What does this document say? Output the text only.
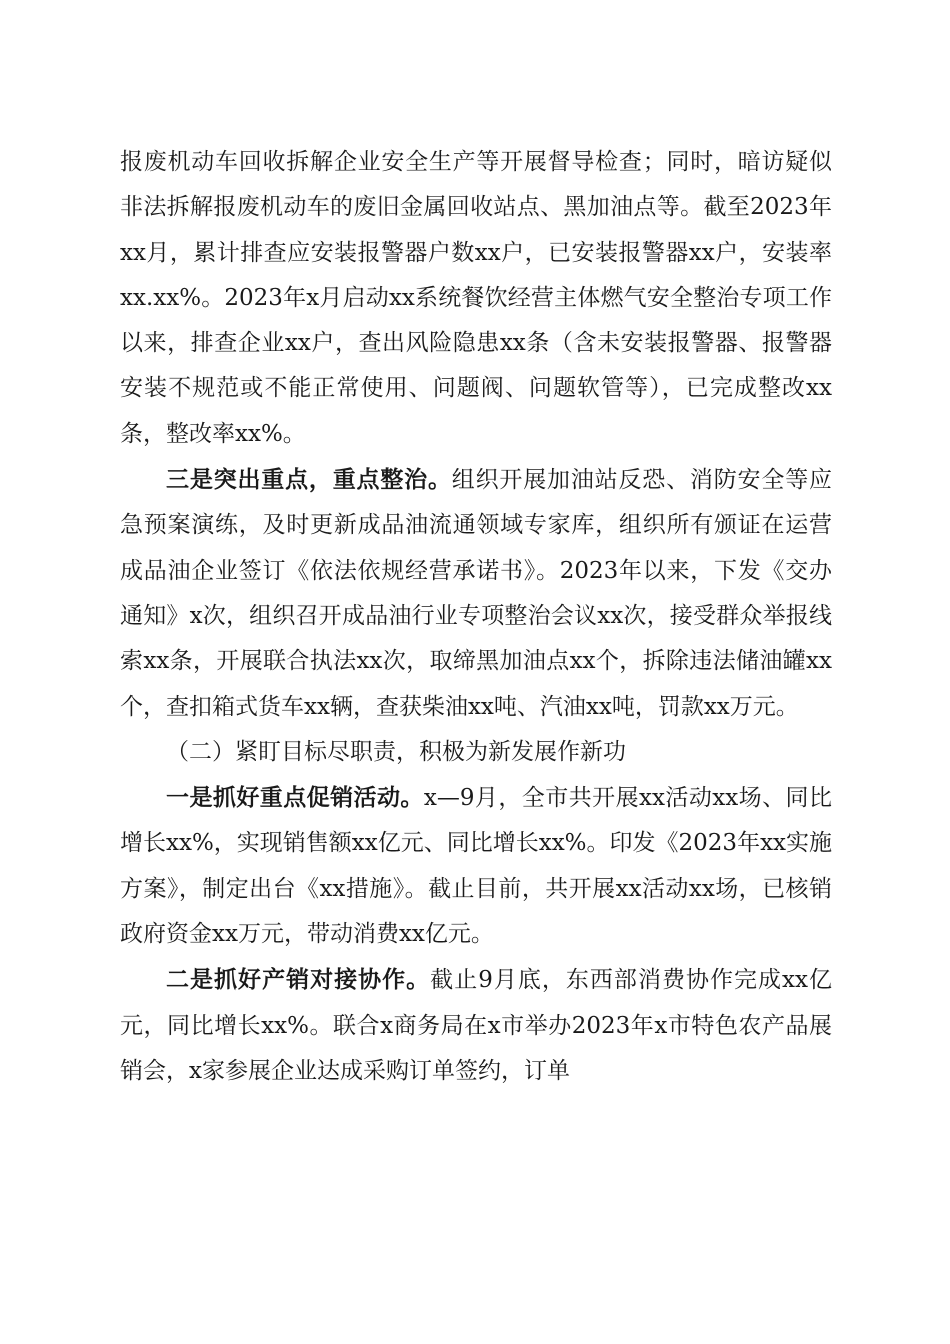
报废机动车回收拆解企业安全生产等开展督导检查；同时，暗访疑似非法拆解报废机动车的废旧金属回收站点、黑加油点等。截至2023年xx月，累计排查应安装报警器户数xx户，已安装报警器xx户，安装率xx.xx%。2023年x月启动xx系统餐饮经营主体燃气安全整治专项工作以来，排查企业xx户，查出风险隐患xx条（含未安装报警器、报警器安装不规范或不能正常使用、问题阀、问题软管等），已完成整改xx条，整改率xx%。

三是突出重点，重点整治。组织开展加油站反恐、消防安全等应急预案演练，及时更新成品油流通领域专家库，组织所有颁证在运营成品油企业签订《依法依规经营承诺书》。2023年以来，下发《交办通知》x次，组织召开成品油行业专项整治会议xx次，接受群众举报线索xx条，开展联合执法xx次，取缔黑加油点xx个，拆除违法储油罐xx个，查扣箱式货车xx辆，查获柴油xx吨、汽油xx吨，罚款xx万元。

（二）紧盯目标尽职责，积极为新发展作新功

一是抓好重点促销活动。x—9月，全市共开展xx活动xx场、同比增长xx%，实现销售额xx亿元、同比增长xx%。印发《2023年xx实施方案》，制定出台《xx措施》。截止目前，共开展xx活动xx场，已核销政府资金xx万元，带动消费xx亿元。

二是抓好产销对接协作。截止9月底，东西部消费协作完成xx亿元，同比增长xx%。联合x商务局在x市举办2023年x市特色农产品展销会，x家参展企业达成采购订单签约，订单
